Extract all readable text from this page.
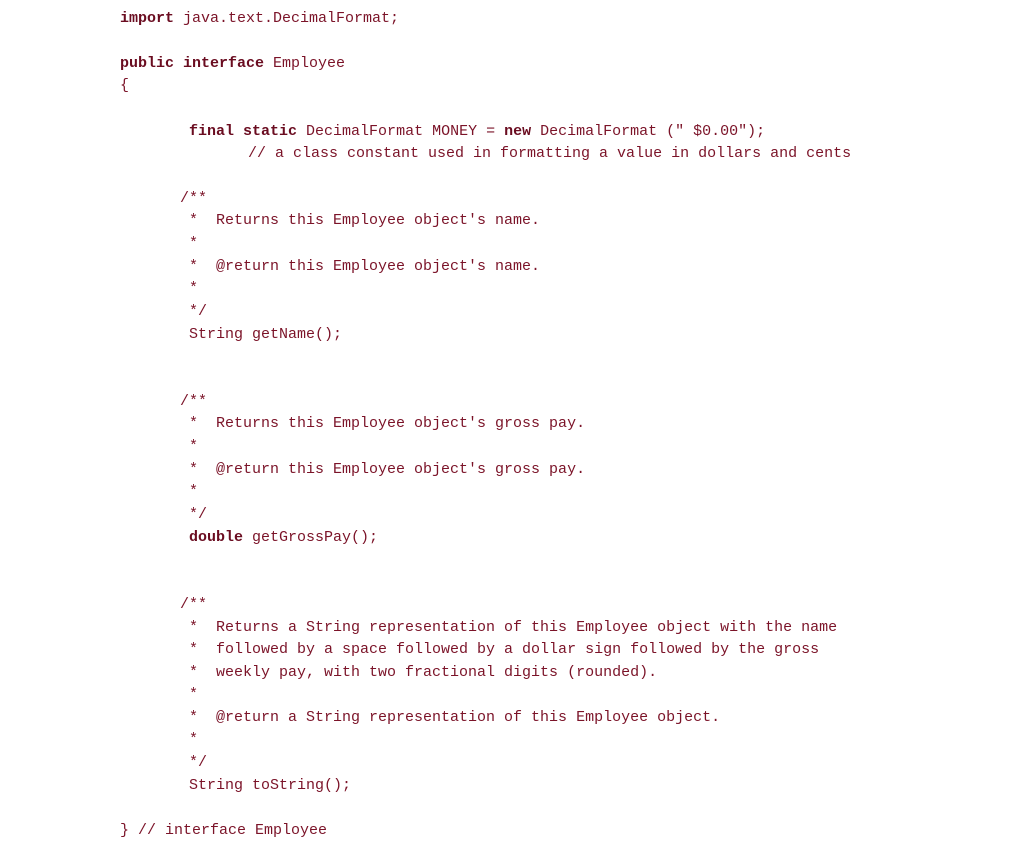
import java.text.DecimalFormat;

public interface Employee

{

final static DecimalFormat MONEY = new DecimalFormat (" $0.00");

// a class constant used in formatting a value in dollars and cents

/**

*  Returns this Employee object's name.

*

*  @return this Employee object's name.

*

*/

String getName();

/**

*  Returns this Employee object's gross pay.

*

*  @return this Employee object's gross pay.

*

*/

double getGrossPay();

/**

*  Returns a String representation of this Employee object with the name

*  followed by a space followed by a dollar sign followed by the gross

*  weekly pay, with two fractional digits (rounded).

*

*  @return a String representation of this Employee object.

*

*/

String toString();

} // interface Employee
